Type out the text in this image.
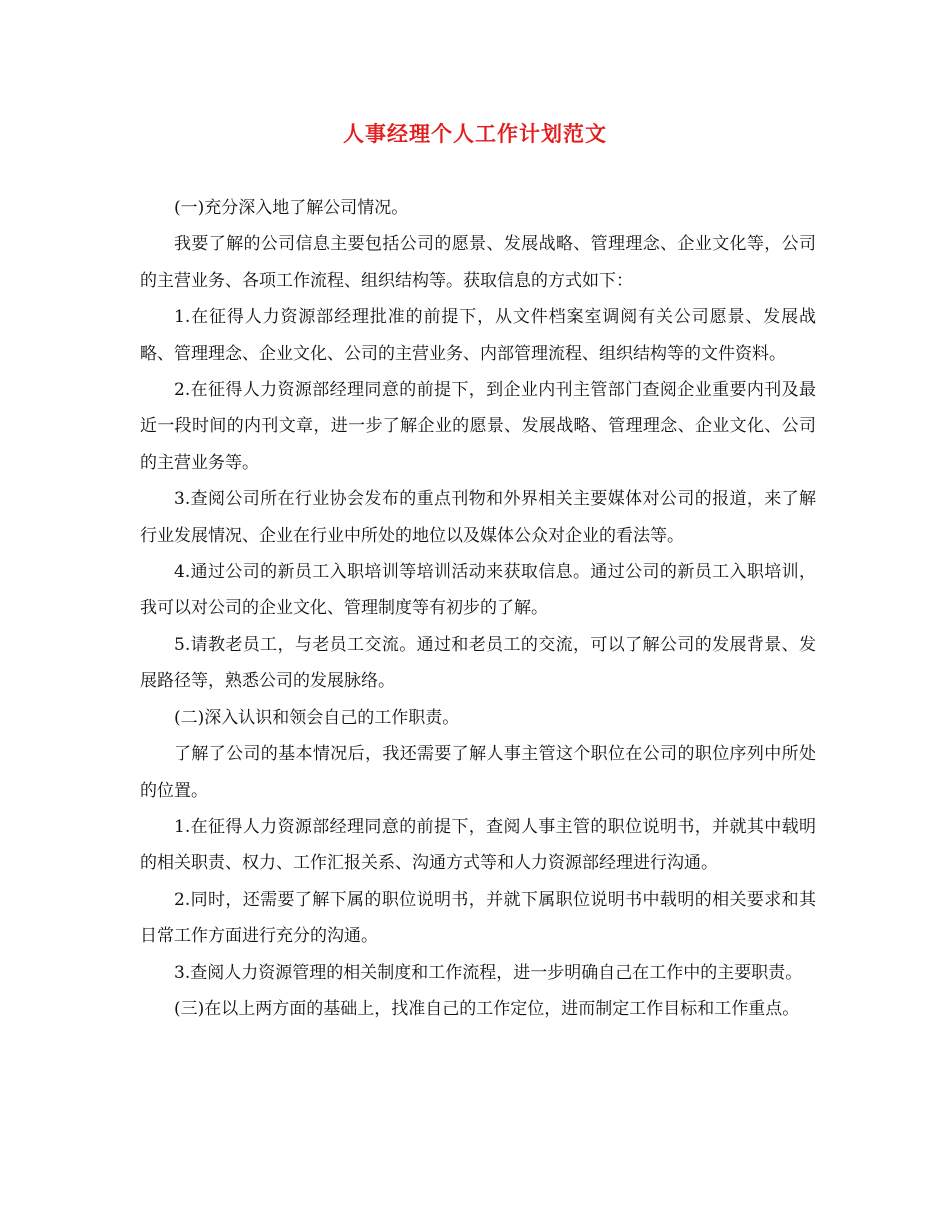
人事经理个人工作计划范文

(一)充分深入地了解公司情况。

我要了解的公司信息主要包括公司的愿景、发展战略、管理理念、企业文化等，公司的主营业务、各项工作流程、组织结构等。获取信息的方式如下：

1.在征得人力资源部经理批准的前提下，从文件档案室调阅有关公司愿景、发展战略、管理理念、企业文化、公司的主营业务、内部管理流程、组织结构等的文件资料。

2.在征得人力资源部经理同意的前提下，到企业内刊主管部门查阅企业重要内刊及最近一段时间的内刊文章，进一步了解企业的愿景、发展战略、管理理念、企业文化、公司的主营业务等。

3.查阅公司所在行业协会发布的重点刊物和外界相关主要媒体对公司的报道，来了解行业发展情况、企业在行业中所处的地位以及媒体公众对企业的看法等。

4.通过公司的新员工入职培训等培训活动来获取信息。通过公司的新员工入职培训，我可以对公司的企业文化、管理制度等有初步的了解。

5.请教老员工，与老员工交流。通过和老员工的交流，可以了解公司的发展背景、发展路径等，熟悉公司的发展脉络。

(二)深入认识和领会自己的工作职责。

了解了公司的基本情况后，我还需要了解人事主管这个职位在公司的职位序列中所处的位置。

1.在征得人力资源部经理同意的前提下，查阅人事主管的职位说明书，并就其中载明的相关职责、权力、工作汇报关系、沟通方式等和人力资源部经理进行沟通。

2.同时，还需要了解下属的职位说明书，并就下属职位说明书中载明的相关要求和其日常工作方面进行充分的沟通。

3.查阅人力资源管理的相关制度和工作流程，进一步明确自己在工作中的主要职责。

(三)在以上两方面的基础上，找准自己的工作定位，进而制定工作目标和工作重点。
